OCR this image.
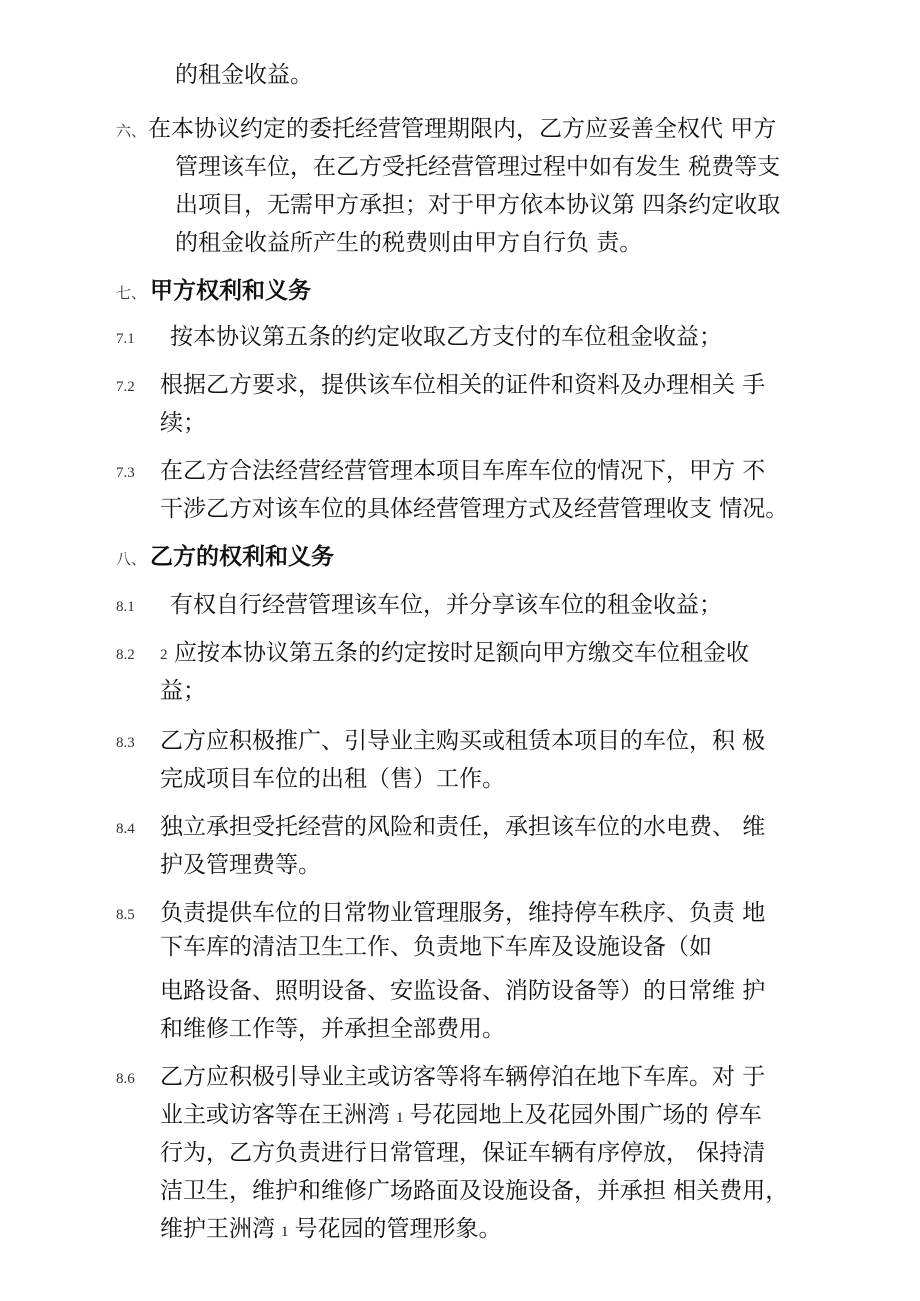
的租金收益。
六、 在本协议约定的委托经营管理期限内，乙方应妥善全权代 甲方
管理该车位，在乙方受托经营管理过程中如有发生 税费等支
出项目，无需甲方承担；对于甲方依本协议第 四条约定收取
的租金收益所产生的税费则由甲方自行负 责。
七、 甲方权利和义务
7.1 按本协议第五条的约定收取乙方支付的车位租金收益；
7.2 根据乙方要求，提供该车位相关的证件和资料及办理相关 手
续；
7.3 在乙方合法经营经营管理本项目车库车位的情况下，甲方 不
干涉乙方对该车位的具体经营管理方式及经营管理收支 情况。
八、 乙方的权利和义务
8.1 有权自行经营管理该车位，并分享该车位的租金收益；
8.2 2 应按本协议第五条的约定按时足额向甲方缴交车位租金收
益；
8.3 乙方应积极推广、引导业主购买或租赁本项目的车位，积 极
完成项目车位的出租（售）工作。
8.4 独立承担受托经营的风险和责任，承担该车位的水电费、 维
护及管理费等。
8.5 负责提供车位的日常物业管理服务，维持停车秩序、负责 地
下车库的清洁卫生工作、负责地下车库及设施设备（如
电路设备、照明设备、安监设备、消防设备等）的日常维 护
和维修工作等，并承担全部费用。
8.6 乙方应积极引导业主或访客等将车辆停泊在地下车库。对 于
业主或访客等在王洲湾 1 号花园地上及花园外围广场的 停车
行为，乙方负责进行日常管理，保证车辆有序停放， 保持清
洁卫生，维护和维修广场路面及设施设备，并承担 相关费用，
维护王洲湾 1 号花园的管理形象。
